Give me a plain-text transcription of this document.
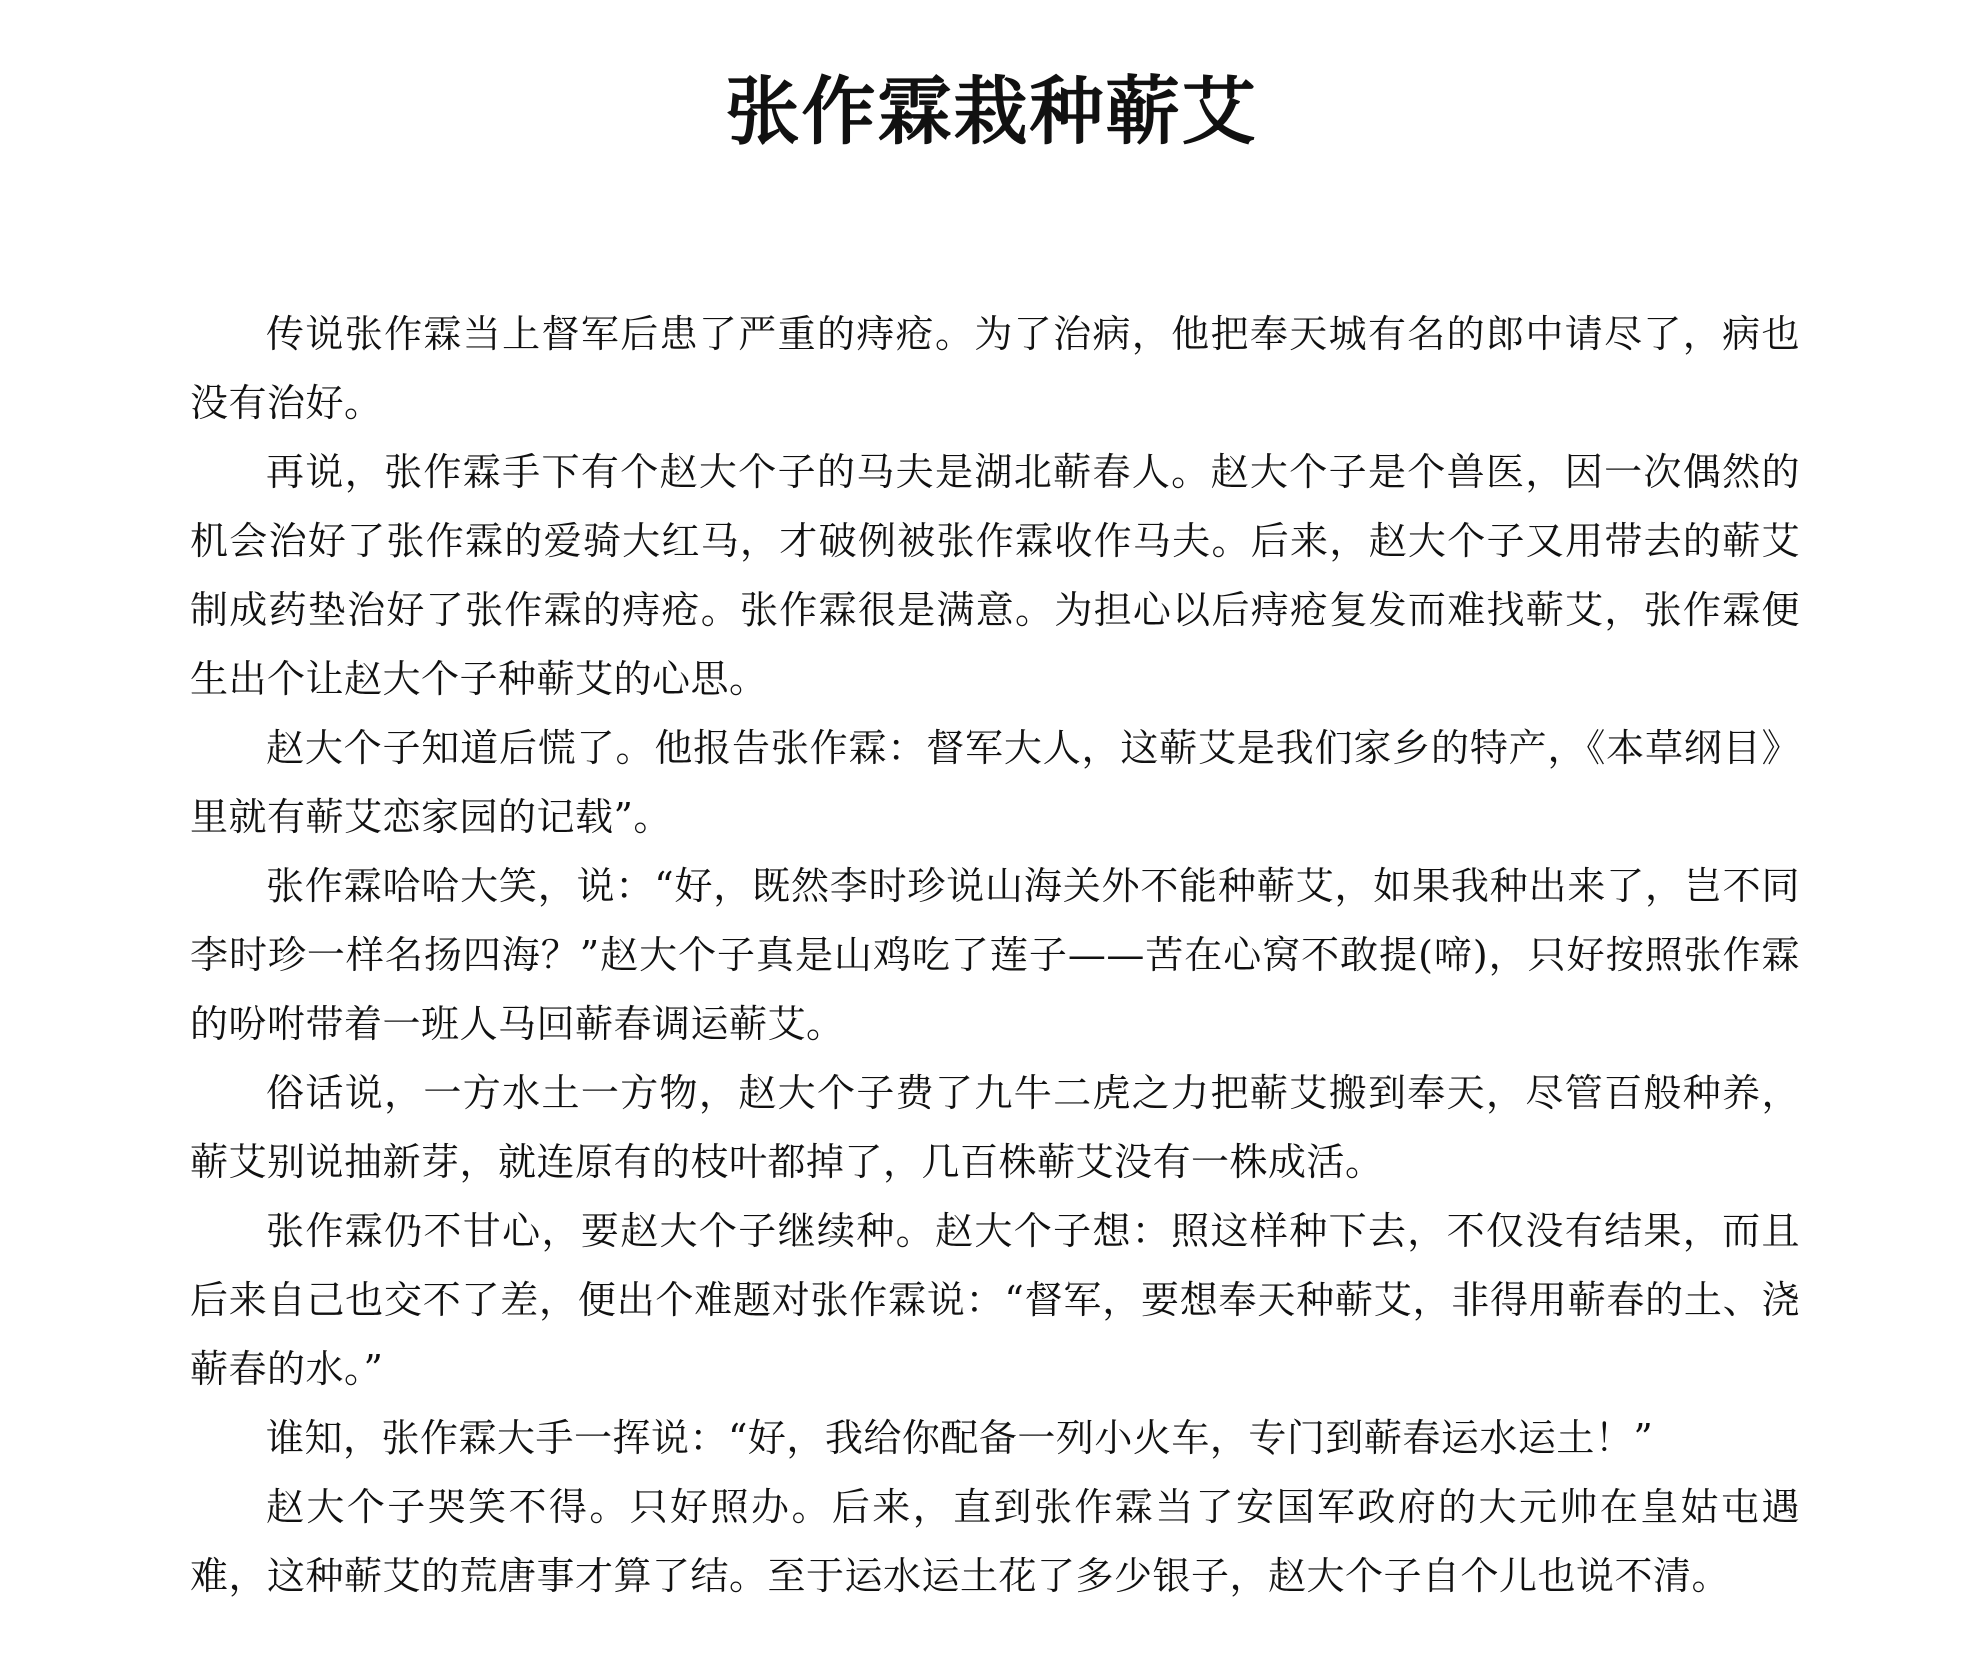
张作霖栽种蕲艾

传说张作霖当上督军后患了严重的痔疮。为了治病，他把奉天城有名的郎中请尽了，病也没有治好。

再说，张作霖手下有个赵大个子的马夫是湖北蕲春人。赵大个子是个兽医，因一次偶然的机会治好了张作霖的爱骑大红马，才破例被张作霖收作马夫。后来，赵大个子又用带去的蕲艾制成药垫治好了张作霖的痔疮。张作霖很是满意。为担心以后痔疮复发而难找蕲艾，张作霖便生出个让赵大个子种蕲艾的心思。

赵大个子知道后慌了。他报告张作霖：督军大人，这蕲艾是我们家乡的特产，《本草纲目》里就有蕲艾恋家园的记载”。

张作霖哈哈大笑，说：“好，既然李时珍说山海关外不能种蕲艾，如果我种出来了，岂不同李时珍一样名扬四海？”赵大个子真是山鸡吃了莲子——苦在心窝不敢提(啼)，只好按照张作霖的吩咐带着一班人马回蕲春调运蕲艾。

俗话说，一方水土一方物，赵大个子费了九牛二虎之力把蕲艾搬到奉天，尽管百般种养，蕲艾别说抽新芽，就连原有的枝叶都掉了，几百株蕲艾没有一株成活。

张作霖仍不甘心，要赵大个子继续种。赵大个子想：照这样种下去，不仅没有结果，而且后来自己也交不了差，便出个难题对张作霖说：“督军，要想奉天种蕲艾，非得用蕲春的土、浇蕲春的水。”

谁知，张作霖大手一挥说：“好，我给你配备一列小火车，专门到蕲春运水运土！”

赵大个子哭笑不得。只好照办。后来，直到张作霖当了安国军政府的大元帅在皇姑屯遇难，这种蕲艾的荒唐事才算了结。至于运水运土花了多少银子，赵大个子自个儿也说不清。
